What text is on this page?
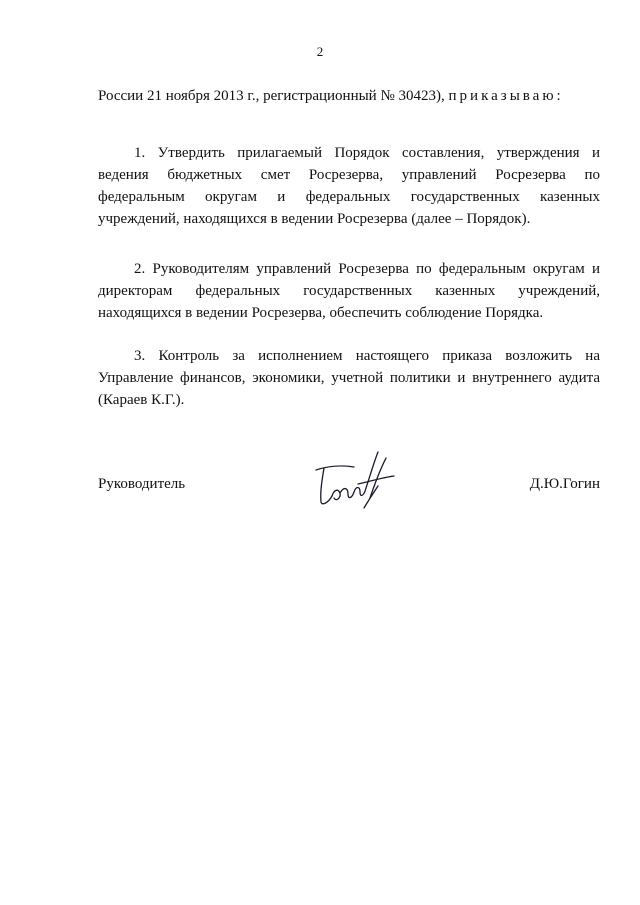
2
России 21 ноября 2013 г., регистрационный № 30423), приказываю:

1. Утвердить прилагаемый Порядок составления, утверждения и ведения бюджетных смет Росрезерва, управлений Росрезерва по федеральным округам и федеральных государственных казенных учреждений, находящихся в ведении Росрезерва (далее – Порядок).

2. Руководителям управлений Росрезерва по федеральным округам и директорам федеральных государственных казенных учреждений, находящихся в ведении Росрезерва, обеспечить соблюдение Порядка.

3. Контроль за исполнением настоящего приказа возложить на Управление финансов, экономики, учетной политики и внутреннего аудита (Караев К.Г.).

Руководитель	Д.Ю.Гогин
